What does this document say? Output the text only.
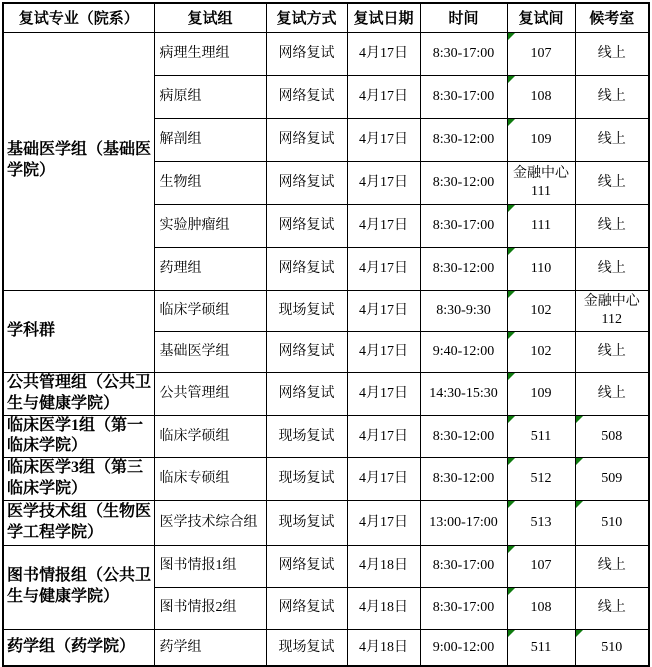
复试专业（院系）	复试组	复试方式	复试日期	时间	复试间	候考室
基础医学组（基础医学院）	病理生理组	网络复试	4月17日	8:30-17:00	107	线上
	病原组	网络复试	4月17日	8:30-17:00	108	线上
	解剖组	网络复试	4月17日	8:30-12:00	109	线上
	生物组	网络复试	4月17日	8:30-12:00	金融中心111	线上
	实验肿瘤组	网络复试	4月17日	8:30-17:00	111	线上
	药理组	网络复试	4月17日	8:30-12:00	110	线上
学科群	临床学硕组	现场复试	4月17日	8:30-9:30	102	金融中心112
	基础医学组	网络复试	4月17日	9:40-12:00	102	线上
公共管理组（公共卫生与健康学院）	公共管理组	网络复试	4月17日	14:30-15:30	109	线上
临床医学1组（第一临床学院）	临床学硕组	现场复试	4月17日	8:30-12:00	511	508
临床医学3组（第三临床学院）	临床专硕组	现场复试	4月17日	8:30-12:00	512	509
医学技术组（生物医学工程学院）	医学技术综合组	现场复试	4月17日	13:00-17:00	513	510
图书情报组（公共卫生与健康学院）	图书情报1组	网络复试	4月18日	8:30-17:00	107	线上
	图书情报2组	网络复试	4月18日	8:30-17:00	108	线上
药学组（药学院）	药学组	现场复试	4月18日	9:00-12:00	511	510
